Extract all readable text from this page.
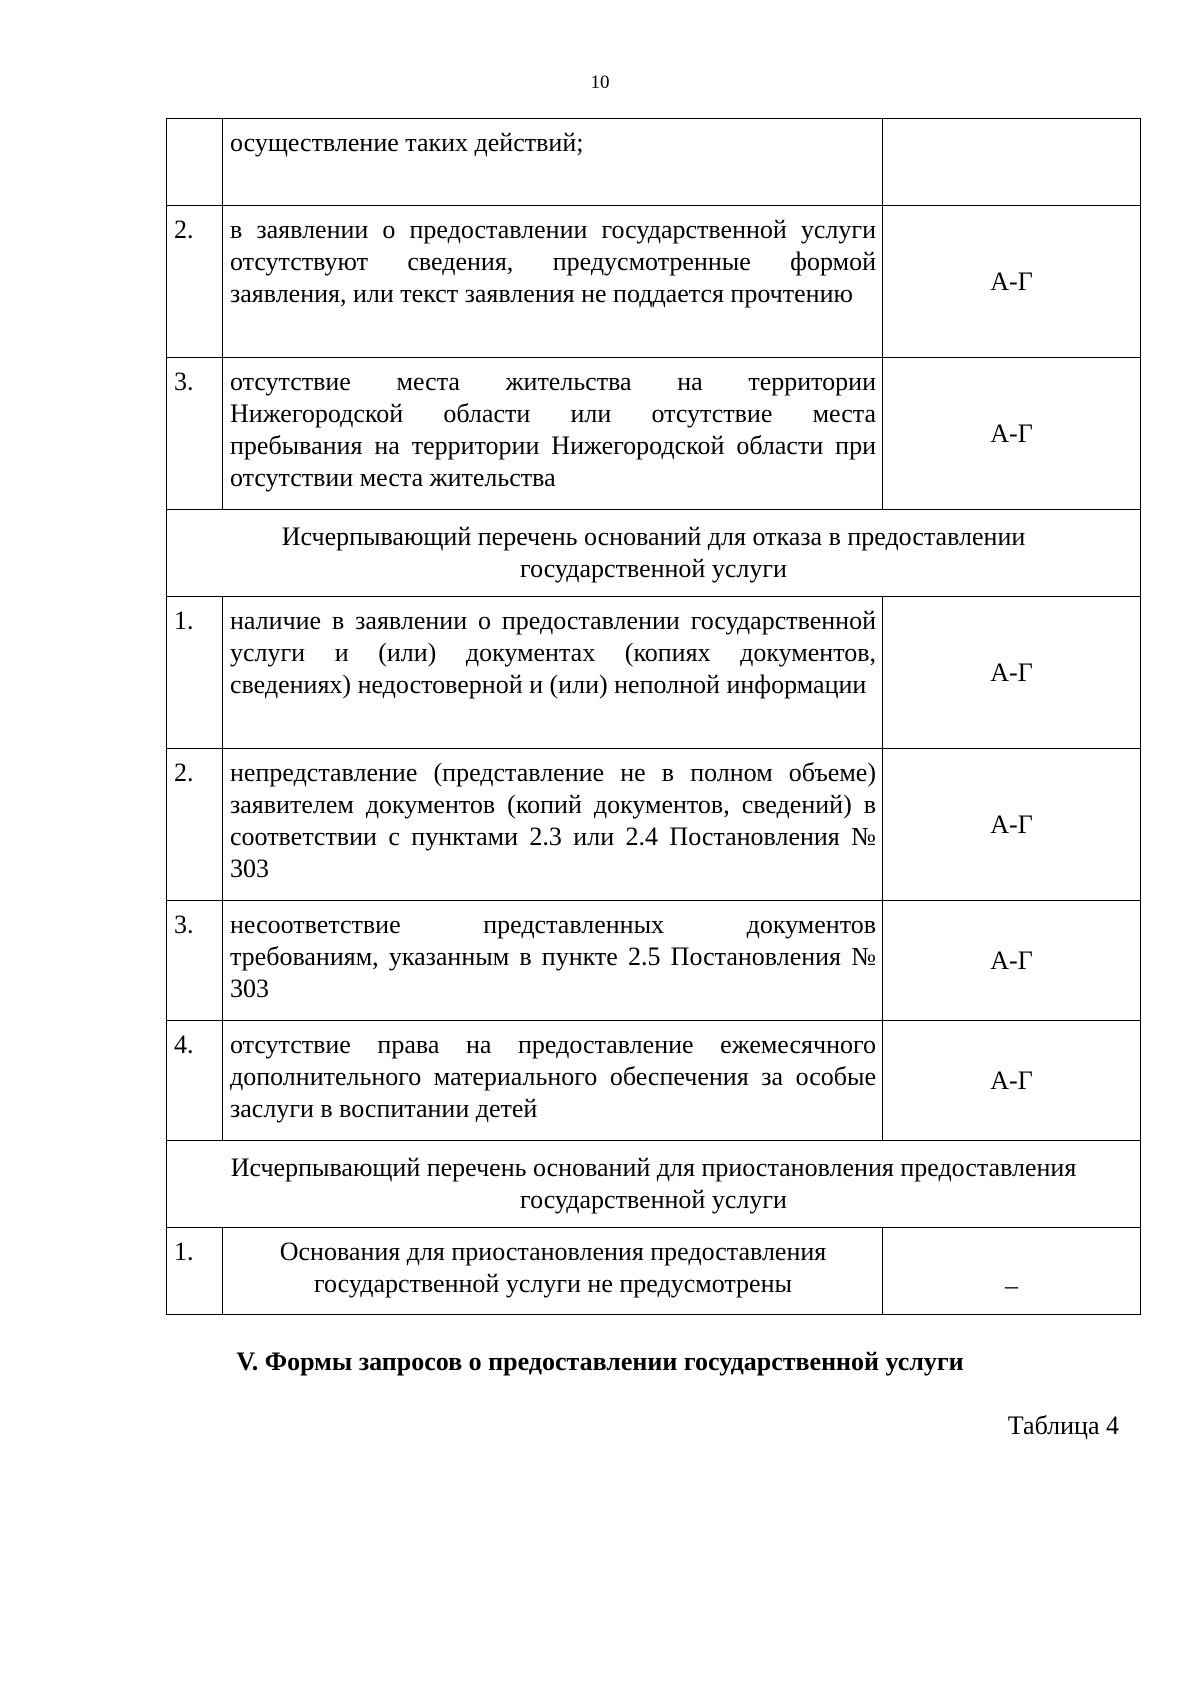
10
	осуществление таких действий;	
2.	в заявлении о предоставлении государственной услуги отсутствуют сведения, предусмотренные формой заявления, или текст заявления не поддается прочтению	А-Г
3.	отсутствие места жительства на территории Нижегородской области или отсутствие места пребывания на территории Нижегородской области при отсутствии места жительства	А-Г
Исчерпывающий перечень оснований для отказа в предоставлении государственной услуги		
1.	наличие в заявлении о предоставлении государственной услуги и (или) документах (копиях документов, сведениях) недостоверной и (или) неполной информации	А-Г
2.	непредставление (представление не в полном объеме) заявителем документов (копий документов, сведений) в соответствии с пунктами 2.3 или 2.4 Постановления № 303	А-Г
3.	несоответствие представленных документов требованиям, указанным в пункте 2.5 Постановления № 303	А-Г
4.	отсутствие права на предоставление ежемесячного дополнительного материального обеспечения за особые заслуги в воспитании детей	А-Г
Исчерпывающий перечень оснований для приостановления предоставления государственной услуги		
1.	Основания для приостановления предоставления государственной услуги не предусмотрены	–
V. Формы запросов о предоставлении государственной услуги
Таблица 4
